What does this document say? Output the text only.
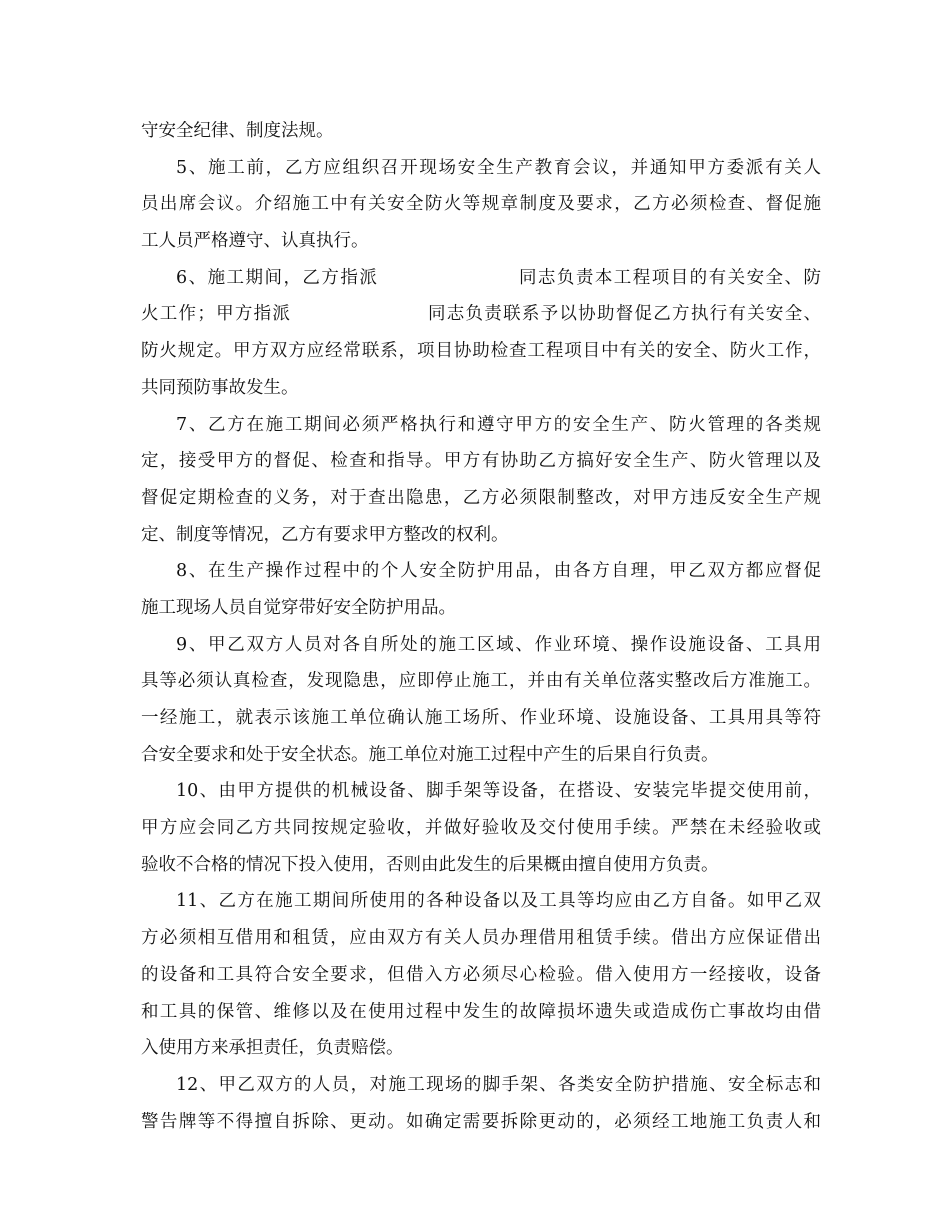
守安全纪律、制度法规。
5、施工前，乙方应组织召开现场安全生产教育会议，并通知甲方委派有关人
员出席会议。介绍施工中有关安全防火等规章制度及要求，乙方必须检查、督促施
工人员严格遵守、认真执行。
6、施工期间，乙方指派                    同志负责本工程项目的有关安全、防
火工作；甲方指派                    同志负责联系予以协助督促乙方执行有关安全、
防火规定。甲方双方应经常联系，项目协助检查工程项目中有关的安全、防火工作，
共同预防事故发生。
7、乙方在施工期间必须严格执行和遵守甲方的安全生产、防火管理的各类规
定，接受甲方的督促、检查和指导。甲方有协助乙方搞好安全生产、防火管理以及
督促定期检查的义务，对于查出隐患，乙方必须限制整改，对甲方违反安全生产规
定、制度等情况，乙方有要求甲方整改的权利。
8、在生产操作过程中的个人安全防护用品，由各方自理，甲乙双方都应督促
施工现场人员自觉穿带好安全防护用品。
9、甲乙双方人员对各自所处的施工区域、作业环境、操作设施设备、工具用
具等必须认真检查，发现隐患，应即停止施工，并由有关单位落实整改后方准施工。
一经施工，就表示该施工单位确认施工场所、作业环境、设施设备、工具用具等符
合安全要求和处于安全状态。施工单位对施工过程中产生的后果自行负责。
10、由甲方提供的机械设备、脚手架等设备，在搭设、安装完毕提交使用前，
甲方应会同乙方共同按规定验收，并做好验收及交付使用手续。严禁在未经验收或
验收不合格的情况下投入使用，否则由此发生的后果概由擅自使用方负责。
11、乙方在施工期间所使用的各种设备以及工具等均应由乙方自备。如甲乙双
方必须相互借用和租赁，应由双方有关人员办理借用租赁手续。借出方应保证借出
的设备和工具符合安全要求，但借入方必须尽心检验。借入使用方一经接收，设备
和工具的保管、维修以及在使用过程中发生的故障损坏遗失或造成伤亡事故均由借
入使用方来承担责任，负责赔偿。
12、甲乙双方的人员，对施工现场的脚手架、各类安全防护措施、安全标志和
警告牌等不得擅自拆除、更动。如确定需要拆除更动的，必须经工地施工负责人和
